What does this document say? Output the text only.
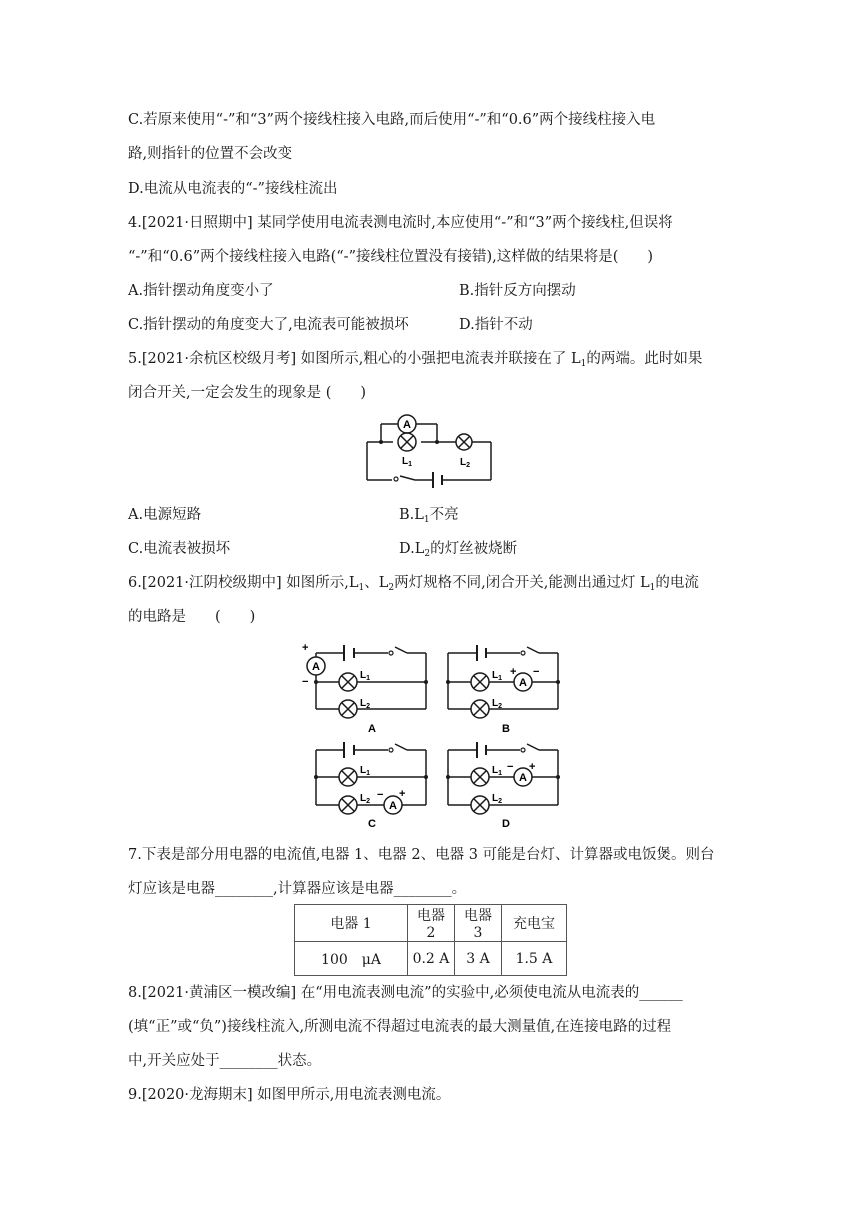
C.若原来使用“-”和“3”两个接线柱接入电路,而后使用“-”和“0.6”两个接线柱接入电
路,则指针的位置不会改变
D.电流从电流表的“-”接线柱流出
4.[2021·日照期中] 某同学使用电流表测电流时,本应使用“-”和“3”两个接线柱,但误将
“-”和“0.6”两个接线柱接入电路(“-”接线柱位置没有接错),这样做的结果将是(　　)
A.指针摆动角度变小了	B.指针反方向摆动
C.指针摆动的角度变大了,电流表可能被损坏	D.指针不动
5.[2021·余杭区校级月考] 如图所示,粗心的小强把电流表并联接在了 $L_1$的两端。此时如果
闭合开关,一定会发生的现象是 (　　)
A
$L_1$	$L_2$
A.电源短路	$B.L_1$不亮
C.电流表被损坏	$D.L_2$的灯丝被烧断
6.[2021·江阴校级期中] 如图所示$,L_1$、$L_2$两灯规格不同,闭合开关,能测出通过灯 $L_1$的电流
的电路是　　(　　)
A
A
A
A
+
−
+ −
− +
− +
$L_1$
$L_2$
$L_1$
$L_2$
$L_1$
$L_2$
$L_1$
$L_2$
A	B
C	D
7.下表是部分用电器的电流值,电器 1、电器 2、电器 3 可能是台灯、计算器或电饭煲。则台
灯应该是电器________,计算器应该是电器________。
电器 1	电器 2	电器 3	充电宝
100　μA	0.2 A	3 A	1.5 A
8.[2021·黄浦区一模改编] 在“用电流表测电流”的实验中,必须使电流从电流表的______
(填“正”或“负”)接线柱流入,所测电流不得超过电流表的最大测量值,在连接电路的过程
中,开关应处于________状态。
9.[2020·龙海期末] 如图甲所示,用电流表测电流。
